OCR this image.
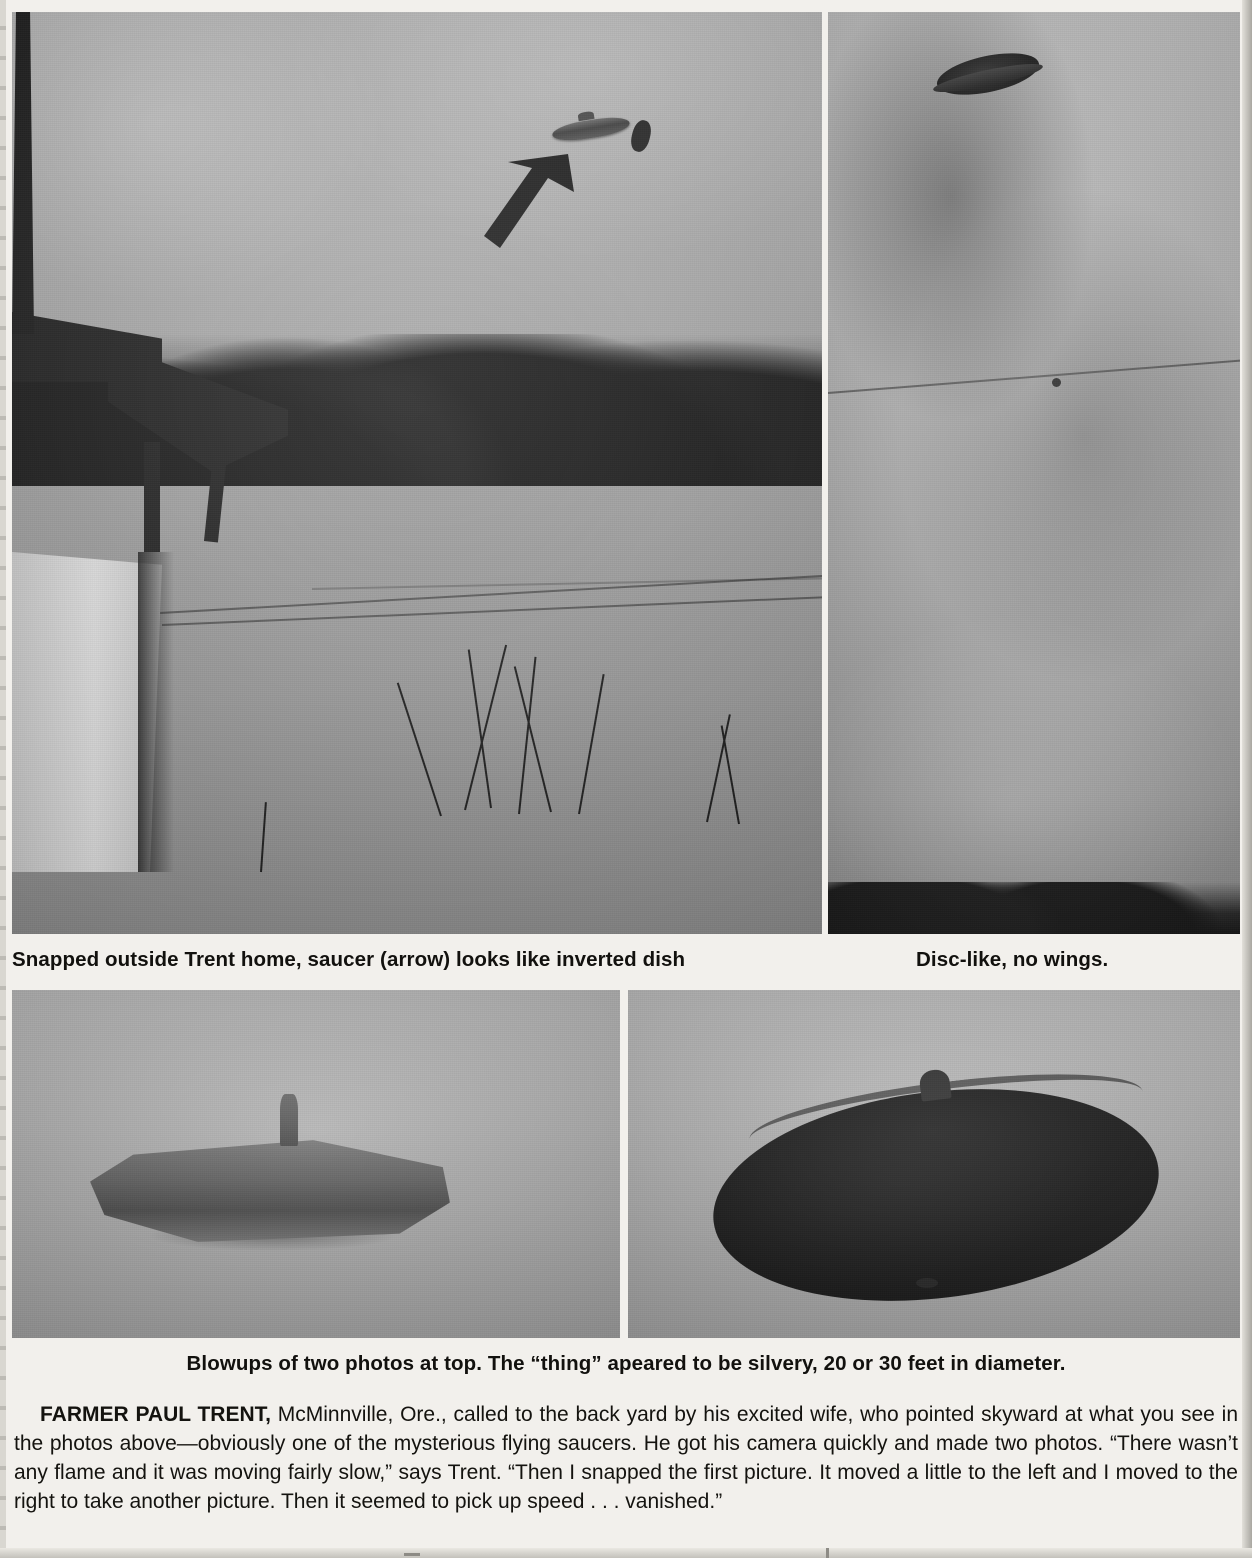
Snapped outside Trent home, saucer (arrow) looks like inverted dish	Disc-like, no wings.
Blowups of two photos at top. The “thing” apeared to be silvery, 20 or 30 feet in diameter.
FARMER PAUL TRENT, McMinnville, Ore., called to the back yard by his excited wife, who pointed skyward at what you see in the photos above—obviously one of the mysterious flying saucers. He got his camera quickly and made two photos. “There wasn’t any flame and it was moving fairly slow,” says Trent. “Then I snapped the first picture. It moved a little to the left and I moved to the right to take another picture. Then it seemed to pick up speed . . . vanished.”
